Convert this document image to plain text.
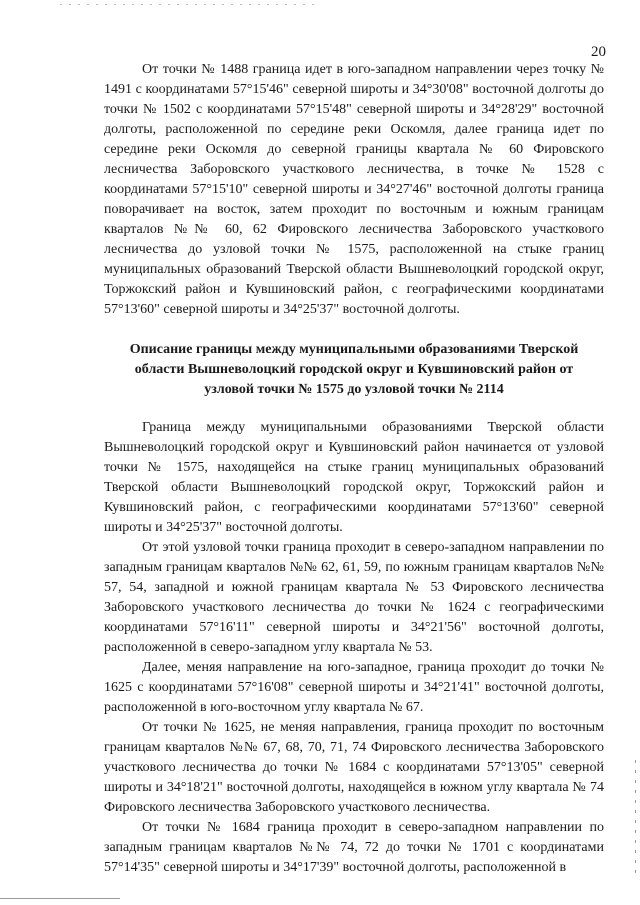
20

От точки № 1488 граница идет в юго-западном направлении через точку № 1491 с координатами 57°15'46" северной широты и 34°30'08" восточной долготы до точки № 1502 с координатами 57°15'48" северной широты и 34°28'29" восточной долготы, расположенной по середине реки Оскомля, далее граница идет по середине реки Оскомля до северной границы квартала № 60 Фировского лесничества Заборовского участкового лесничества, в точке № 1528 с координатами 57°15'10" северной широты и 34°27'46" восточной долготы граница поворачивает на восток, затем проходит по восточным и южным границам кварталов №№ 60, 62 Фировского лесничества Заборовского участкового лесничества до узловой точки № 1575, расположенной на стыке границ муниципальных образований Тверской области Вышневолоцкий городской округ, Торжокский район и Кувшиновский район, с географическими координатами 57°13'60" северной широты и 34°25'37" восточной долготы.

Описание границы между муниципальными образованиями Тверской области Вышневолоцкий городской округ и Кувшиновский район от узловой точки № 1575 до узловой точки № 2114

Граница между муниципальными образованиями Тверской области Вышневолоцкий городской округ и Кувшиновский район начинается от узловой точки № 1575, находящейся на стыке границ муниципальных образований Тверской области Вышневолоцкий городской округ, Торжокский район и Кувшиновский район, с географическими координатами 57°13'60" северной широты и 34°25'37" восточной долготы.

От этой узловой точки граница проходит в северо-западном направлении по западным границам кварталов №№ 62, 61, 59, по южным границам кварталов №№ 57, 54, западной и южной границам квартала № 53 Фировского лесничества Заборовского участкового лесничества до точки № 1624 с географическими координатами 57°16'11" северной широты и 34°21'56" восточной долготы, расположенной в северо-западном углу квартала № 53.

Далее, меняя направление на юго-западное, граница проходит до точки № 1625 с координатами 57°16'08" северной широты и 34°21'41" восточной долготы, расположенной в юго-восточном углу квартала № 67.

От точки № 1625, не меняя направления, граница проходит по восточным границам кварталов №№ 67, 68, 70, 71, 74 Фировского лесничества Заборовского участкового лесничества до точки № 1684 с координатами 57°13'05" северной широты и 34°18'21" восточной долготы, находящейся в южном углу квартала № 74 Фировского лесничества Заборовского участкового лесничества.

От точки № 1684 граница проходит в северо-западном направлении по западным границам кварталов №№ 74, 72 до точки № 1701 с координатами 57°14'35" северной широты и 34°17'39" восточной долготы, расположенной в
